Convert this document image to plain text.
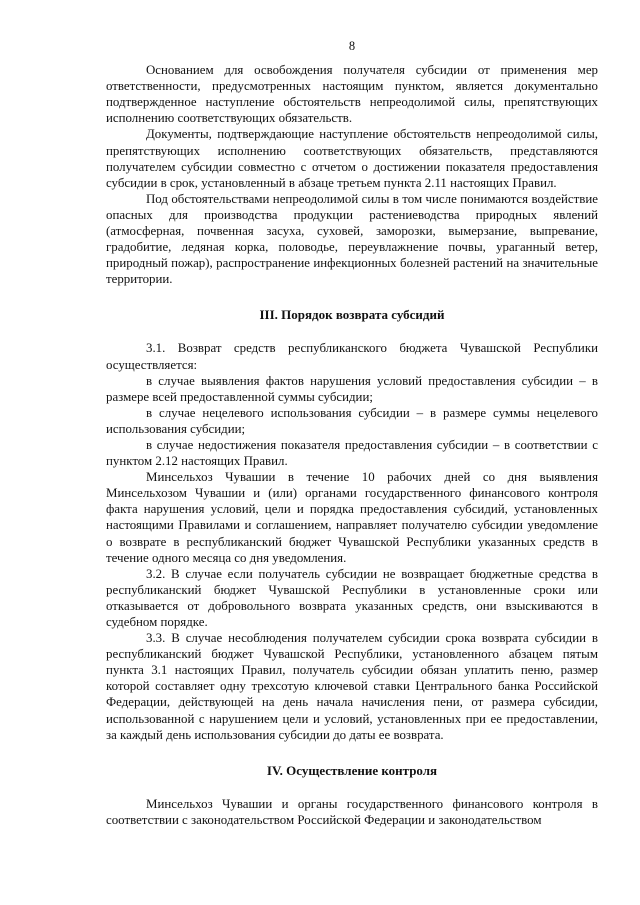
8

Основанием для освобождения получателя субсидии от применения мер ответственности, предусмотренных настоящим пунктом, является документально подтвержденное наступление обстоятельств непреодолимой силы, препятствующих исполнению соответствующих обязательств.

Документы, подтверждающие наступление обстоятельств непреодолимой силы, препятствующих исполнению соответствующих обязательств, представляются получателем субсидии совместно с отчетом о достижении показателя предоставления субсидии в срок, установленный в абзаце третьем пункта 2.11 настоящих Правил.

Под обстоятельствами непреодолимой силы в том числе понимаются воздействие опасных для производства продукции растениеводства природных явлений (атмосферная, почвенная засуха, суховей, заморозки, вымерзание, выпревание, градобитие, ледяная корка, половодье, переувлажнение почвы, ураганный ветер, природный пожар), распространение инфекционных болезней растений на значительные территории.

III. Порядок возврата субсидий

3.1. Возврат средств республиканского бюджета Чувашской Республики осуществляется:

в случае выявления фактов нарушения условий предоставления субсидии – в размере всей предоставленной суммы субсидии;

в случае нецелевого использования субсидии – в размере суммы нецелевого использования субсидии;

в случае недостижения показателя предоставления субсидии – в соответствии с пунктом 2.12 настоящих Правил.

Минсельхоз Чувашии в течение 10 рабочих дней со дня выявления Минсельхозом Чувашии и (или) органами государственного финансового контроля факта нарушения условий, цели и порядка предоставления субсидий, установленных настоящими Правилами и соглашением, направляет получателю субсидии уведомление о возврате в республиканский бюджет Чувашской Республики указанных средств в течение одного месяца со дня уведомления.

3.2. В случае если получатель субсидии не возвращает бюджетные средства в республиканский бюджет Чувашской Республики в установленные сроки или отказывается от добровольного возврата указанных средств, они взыскиваются в судебном порядке.

3.3. В случае несоблюдения получателем субсидии срока возврата субсидии в республиканский бюджет Чувашской Республики, установленного абзацем пятым пункта 3.1 настоящих Правил, получатель субсидии обязан уплатить пеню, размер которой составляет одну трехсотую ключевой ставки Центрального банка Российской Федерации, действующей на день начала начисления пени, от размера субсидии, использованной с нарушением цели и условий, установленных при ее предоставлении, за каждый день использования субсидии до даты ее возврата.

IV. Осуществление контроля

Минсельхоз Чувашии и органы государственного финансового контроля в соответствии с законодательством Российской Федерации и законодательством
